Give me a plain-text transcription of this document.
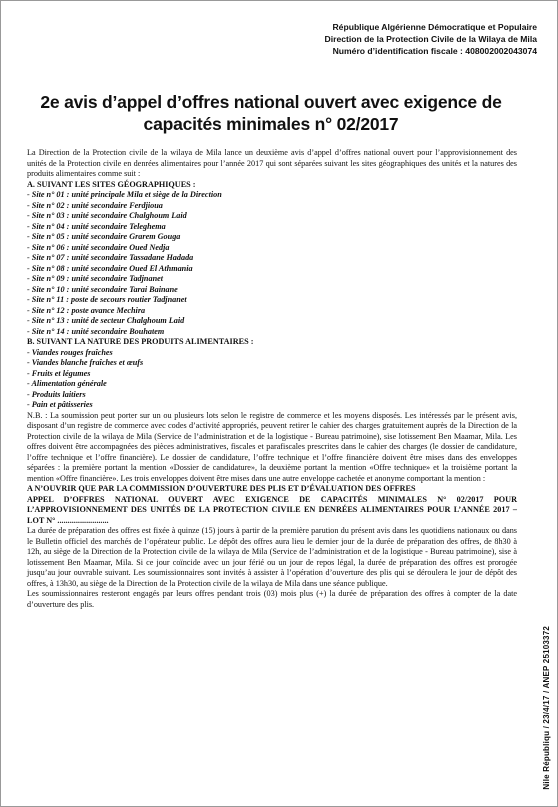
République Algérienne Démocratique et Populaire
Direction de la Protection Civile de la Wilaya de Mila
Numéro d’identification fiscale : 408002002043074
2e avis d’appel d’offres national ouvert avec exigence de capacités minimales n° 02/2017

La Direction de la Protection civile de la wilaya de Mila lance un deuxième avis d’appel d’offres national ouvert pour l’approvisionnement des unités de la Protection civile en denrées alimentaires pour l’année 2017 qui sont séparées suivant les sites géographiques des unités et la natures des produits alimentaires comme suit :

A. SUIVANT LES SITES GÉOGRAPHIQUES :
- Site n° 01 : unité principale Mila et siège de la Direction
- Site n° 02 : unité secondaire Ferdjioua
- Site n° 03 : unité secondaire Chalghoum Laid
- Site n° 04 : unité secondaire Teleghema
- Site n° 05 : unité secondaire Grarem Gouga
- Site n° 06 : unité secondaire Oued Nedja
- Site n° 07 : unité secondaire Tassadane Hadada
- Site n° 08 : unité secondaire Oued El Athmania
- Site n° 09 : unité secondaire Tadjnanet
- Site n° 10 : unité secondaire Tarai Bainane
- Site n° 11 : poste de secours routier Tadjnanet
- Site n° 12 : poste avance Mechira
- Site n° 13 : unité de secteur Chalghoum Laid
- Site n° 14 : unité secondaire Bouhatem
B. SUIVANT LA NATURE DES PRODUITS ALIMENTAIRES :
- Viandes rouges fraîches
- Viandes blanche fraîches et œufs
- Fruits et légumes
- Alimentation générale
- Produits laitiers
- Pain et pâtisseries

N.B. : La soumission peut porter sur un ou plusieurs lots selon le registre de commerce et les moyens disposés. Les intéressés par le présent avis, disposant d’un registre de commerce avec codes d’activité appropriés, peuvent retirer le cahier des charges gratuitement auprès de la Direction de la Protection civile de la wilaya de Mila (Service de l’administration et de la logistique - Bureau patrimoine), sise lotissement Ben Maamar, Mila. Les offres doivent être accompagnées des pièces administratives, fiscales et parafiscales prescrites dans le cahier des charges (le dossier de candidature, l’offre technique et l’offre financière). Le dossier de candidature, l’offre technique et l’offre financière doivent être mises dans des enveloppes séparées : la première portant la mention «Dossier de candidature», la deuxième portant la mention «Offre technique» et la troisième portant la mention «Offre financière». Les trois enveloppes doivent être mises dans une autre enveloppe cachetée et anonyme comportant la mention :

A N’OUVRIR QUE PAR LA COMMISSION D’OUVERTURE DES PLIS ET D’ÉVALUATION DES OFFRES

APPEL D’OFFRES NATIONAL OUVERT AVEC EXIGENCE DE CAPACITÉS MINIMALES N° 02/2017 POUR L’APPROVISIONNEMENT DES UNITÉS DE LA PROTECTION CIVILE EN DENRÉES ALIMENTAIRES POUR L’ANNÉE 2017 – LOT N° .........................

La durée de préparation des offres est fixée à quinze (15) jours à partir de la première parution du présent avis dans les quotidiens nationaux ou dans le Bulletin officiel des marchés de l’opérateur public. Le dépôt des offres aura lieu le dernier jour de la durée de préparation des offres, de 8h30 à 12h, au siège de la Direction de la Protection civile de la wilaya de Mila (Service de l’administration et de la logistique - Bureau patrimoine), sise à lotissement Ben Maamar, Mila. Si ce jour coïncide avec un jour férié ou un jour de repos légal, la durée de préparation des offres est prorogée jusqu’au jour ouvrable suivant. Les soumissionnaires sont invités à assister à l’opération d’ouverture des plis qui se déroulera le jour de dépôt des offres, à 13h30, au siège de la Direction de la Protection civile de la wilaya de Mila dans une séance publique.

Les soumissionnaires resteront engagés par leurs offres pendant trois (03) mois plus (+) la durée de préparation des offres à compter de la date d’ouverture des plis.

Nile Républiqu / 23/4/17 / ANEP 25103372
